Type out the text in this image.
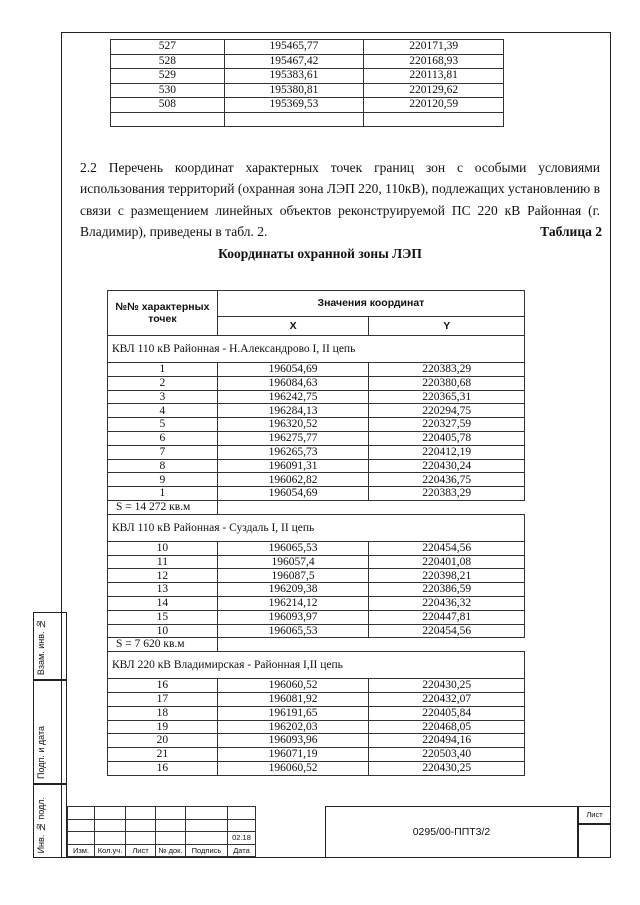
527	195465,77	220171,39
528	195467,42	220168,93
529	195383,61	220113,81
530	195380,81	220129,62
508	195369,53	220120,59

2.2 Перечень координат характерных точек границ зон с особыми условиями использования территорий (охранная зона ЛЭП 220, 110кВ), подлежащих установлению в связи с размещением линейных объектов реконструируемой ПС 220 кВ Районная (г. Владимир), приведены в табл. 2.	Таблица 2
Координаты охранной зоны ЛЭП
№№ характерных точек	Значения координат	
	X	Y
КВЛ 110 кВ Районная - Н.Александрово I, II цепь		
1	196054,69	220383,29
2	196084,63	220380,68
3	196242,75	220365,31
4	196284,13	220294,75
5	196320,52	220327,59
6	196275,77	220405,78
7	196265,73	220412,19
8	196091,31	220430,24
9	196062,82	220436,75
1	196054,69	220383,29
S = 14 272 кв.м		
КВЛ 110 кВ Районная - Суздаль I, II цепь		
10	196065,53	220454,56
11	196057,4	220401,08
12	196087,5	220398,21
13	196209,38	220386,59
14	196214,12	220436,32
15	196093,97	220447,81
10	196065,53	220454,56
S = 7 620 кв.м		
КВЛ 220 кВ Владимирская - Районная I,II цепь		
16	196060,52	220430,25
17	196081,92	220432,07
18	196191,65	220405,84
19	196202,03	220468,05
20	196093,96	220494,16
21	196071,19	220503,40
16	196060,52	220430,25
Взам. инв. №
Подп. и дата
Инв. № подл.

						02.18
Изм.	Кол.уч.	Лист	№ док.	Подпись	Дата
0295/00-ППТ3/2
Лист
